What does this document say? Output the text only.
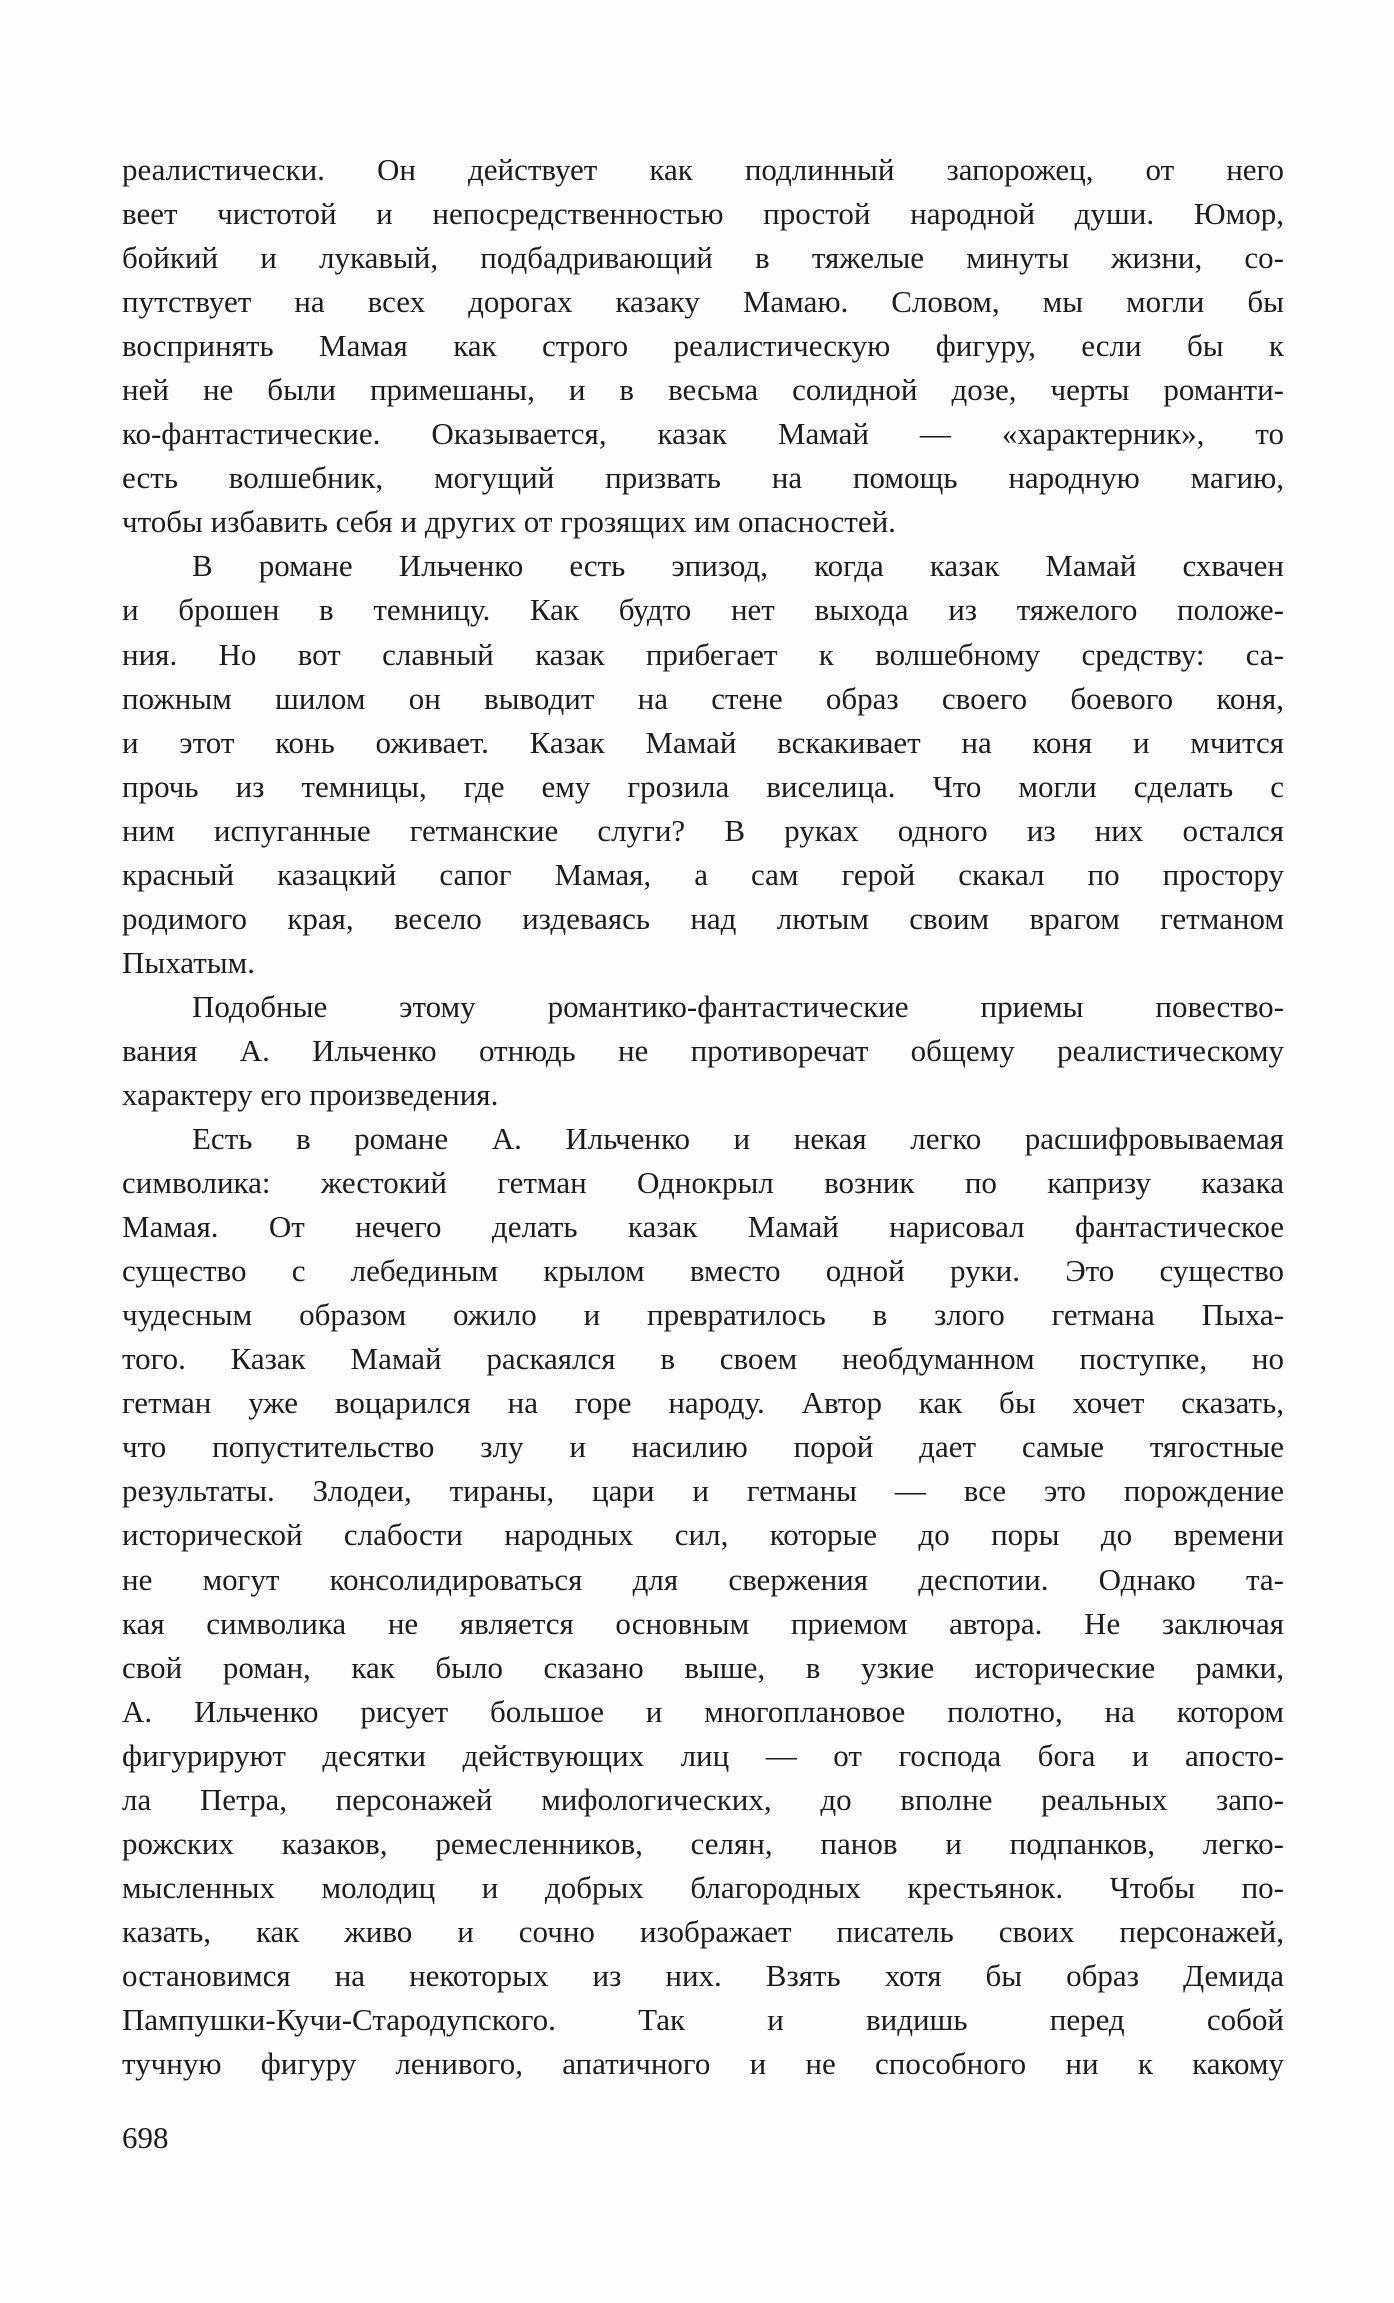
реалистически. Он действует как подлинный запорожец, от него
веет чистотой и непосредственностью простой народной души. Юмор,
бойкий и лукавый, подбадривающий в тяжелые минуты жизни, со-
путствует на всех дорогах казаку Мамаю. Словом, мы могли бы
воспринять Мамая как строго реалистическую фигуру, если бы к
ней не были примешаны, и в весьма солидной дозе, черты романти-
ко-фантастические. Оказывается, казак Мамай — «характерник», то
есть волшебник, могущий призвать на помощь народную магию,
чтобы избавить себя и других от грозящих им опасностей.
В романе Ильченко есть эпизод, когда казак Мамай схвачен
и брошен в темницу. Как будто нет выхода из тяжелого положе-
ния. Но вот славный казак прибегает к волшебному средству: са-
пожным шилом он выводит на стене образ своего боевого коня,
и этот конь оживает. Казак Мамай вскакивает на коня и мчится
прочь из темницы, где ему грозила виселица. Что могли сделать с
ним испуганные гетманские слуги? В руках одного из них остался
красный казацкий сапог Мамая, а сам герой скакал по простору
родимого края, весело издеваясь над лютым своим врагом гетманом
Пыхатым.
Подобные этому романтико-фантастические приемы повество-
вания А. Ильченко отнюдь не противоречат общему реалистическому
характеру его произведения.
Есть в романе А. Ильченко и некая легко расшифровываемая
символика: жестокий гетман Однокрыл возник по капризу казака
Мамая. От нечего делать казак Мамай нарисовал фантастическое
существо с лебединым крылом вместо одной руки. Это существо
чудесным образом ожило и превратилось в злого гетмана Пыха-
того. Казак Мамай раскаялся в своем необдуманном поступке, но
гетман уже воцарился на горе народу. Автор как бы хочет сказать,
что попустительство злу и насилию порой дает самые тягостные
результаты. Злодеи, тираны, цари и гетманы — все это порождение
исторической слабости народных сил, которые до поры до времени
не могут консолидироваться для свержения деспотии. Однако та-
кая символика не является основным приемом автора. Не заключая
свой роман, как было сказано выше, в узкие исторические рамки,
А. Ильченко рисует большое и многоплановое полотно, на котором
фигурируют десятки действующих лиц — от господа бога и апосто-
ла Петра, персонажей мифологических, до вполне реальных запо-
рожских казаков, ремесленников, селян, панов и подпанков, легко-
мысленных молодиц и добрых благородных крестьянок. Чтобы по-
казать, как живо и сочно изображает писатель своих персонажей,
остановимся на некоторых из них. Взять хотя бы образ Демида
Пампушки-Кучи-Стародупского. Так и видишь перед собой
тучную фигуру ленивого, апатичного и не способного ни к какому
698
